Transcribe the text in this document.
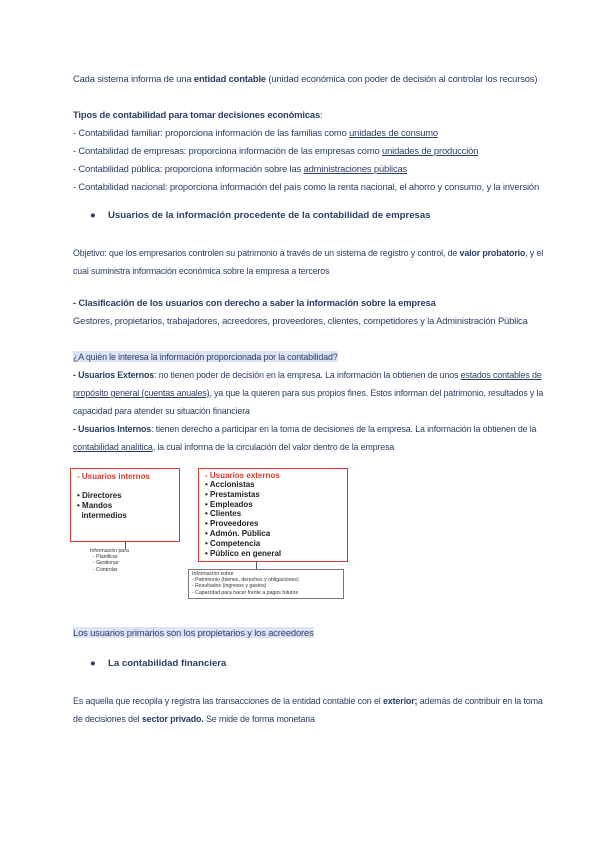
Cada sistema informa de una entidad contable (unidad económica con poder de decisión al controlar los recursos)
Tipos de contabilidad para tomar decisiones económicas:
- Contabilidad familiar: proporciona información de las familias como unidades de consumo
- Contabilidad de empresas: proporciona información de las empresas como unidades de producción
- Contabilidad pública: proporciona información sobre las administraciones públicas
- Contabilidad nacional: proporciona información del país como la renta nacional, el ahorro y consumo, y la inversión
● Usuarios de la información procedente de la contabilidad de empresas
Objetivo: que los empresarios controlen su patrimonio a través de un sistema de registro y control, de valor probatorio, y el
cual suministra información económica sobre la empresa a terceros
- Clasificación de los usuarios con derecho a saber la información sobre la empresa
Gestores, propietarios, trabajadores, acreedores, proveedores, clientes, competidores y la Administración Pública
¿A quién le interesa la información proporcionada por la contabilidad?
- Usuarios Externos: no tienen poder de decisión en la empresa. La información la obtienen de unos estados contables de
propósito general (cuentas anuales), ya que la quieren para sus propios fines. Estos informan del patrimonio, resultados y la
capacidad para atender su situación financiera
- Usuarios Internos: tienen derecho a participar en la toma de decisiones de la empresa. La información la obtienen de la
contabilidad analítica, la cual informa de la circulación del valor dentro de la empresa
- Usuarios internos
• Directores
• Mandos
intermedios
Información para
- Planificar
- Gestionar
- Controlar
- Usuarios externos
• Accionistas
• Prestamistas
• Empleados
• Clientes
• Proveedores
• Admón. Pública
• Competencia
• Público en general
Información sobre
- Patrimonio (bienes, derechos y obligaciones)
- Resultados (ingresos y gastos)
- Capacidad para hacer frente a pagos futuros
Los usuarios primarios son los propietarios y los acreedores
● La contabilidad financiera
Es aquella que recopila y registra las transacciones de la entidad contable con el exterior; además de contribuir en la toma
de decisiones del sector privado. Se mide de forma monetaria
